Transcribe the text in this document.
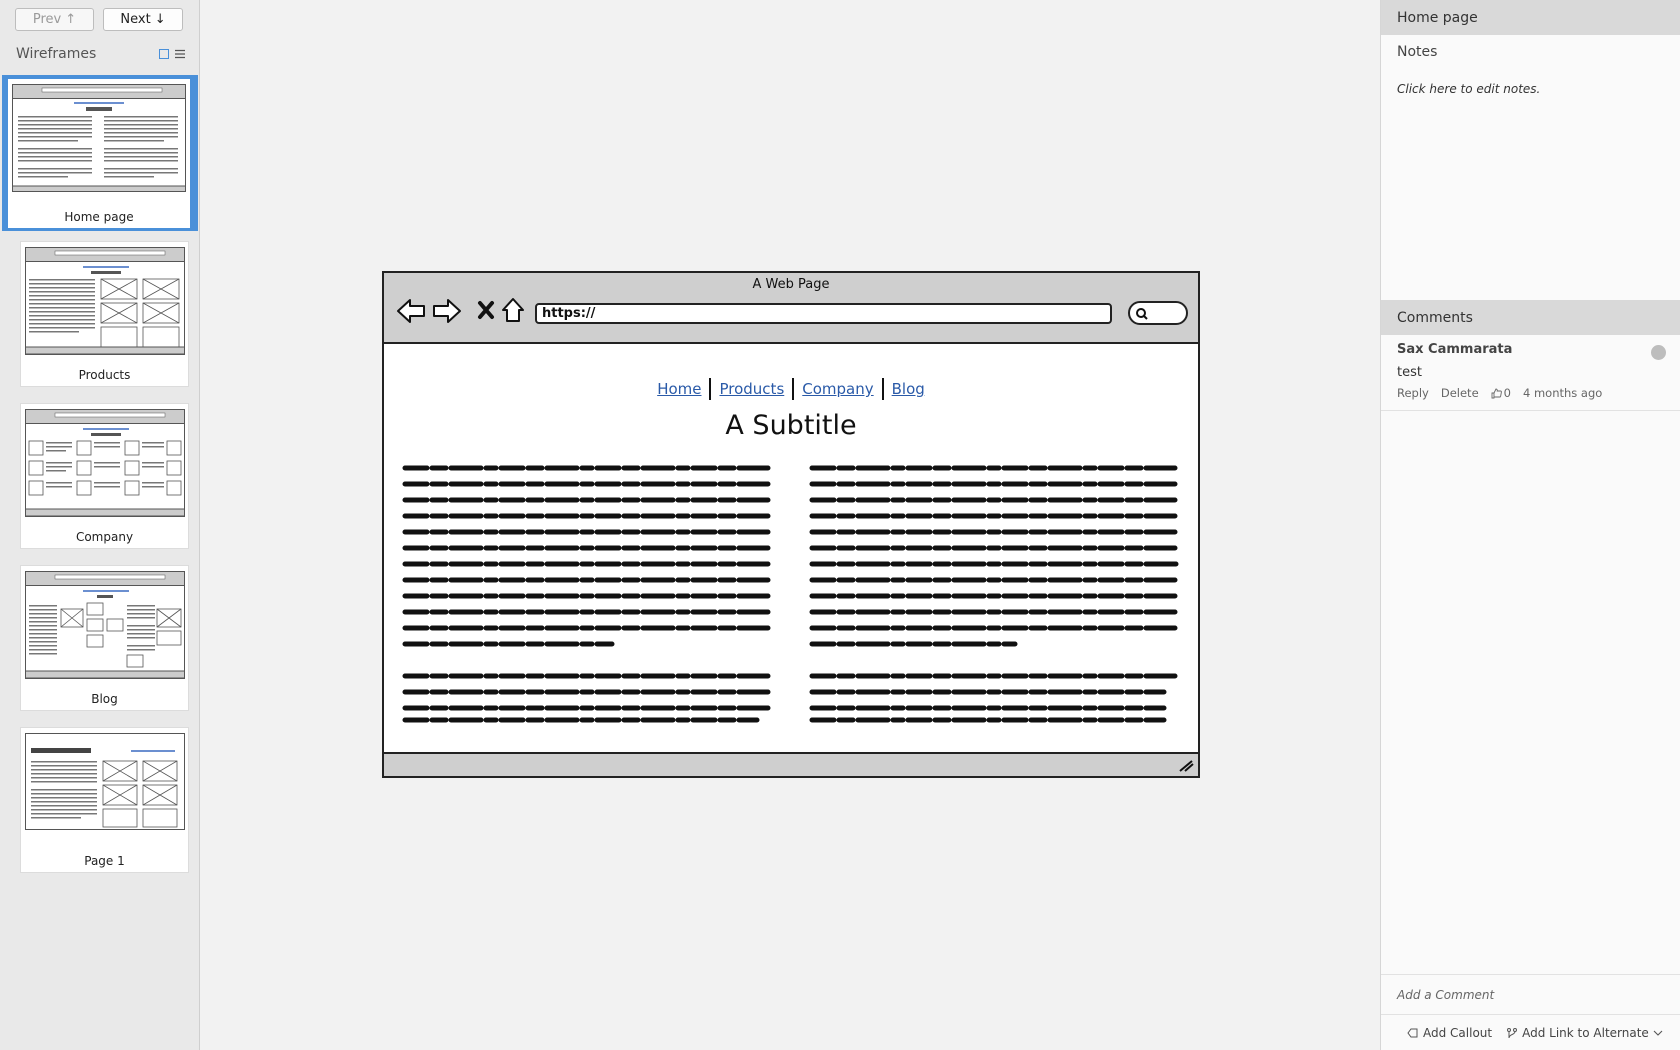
Prev ↑	Next ↓
Wireframes
Home page
Products
Company
Blog
Page 1
A Web Page
https://
Home	Products	Company	Blog
A Subtitle
Home page
Notes
Click here to edit notes.
Comments
Sax Cammarata
test
Reply Delete 0 4 months ago
Add a Comment
Add Callout	Add Link to Alternate
